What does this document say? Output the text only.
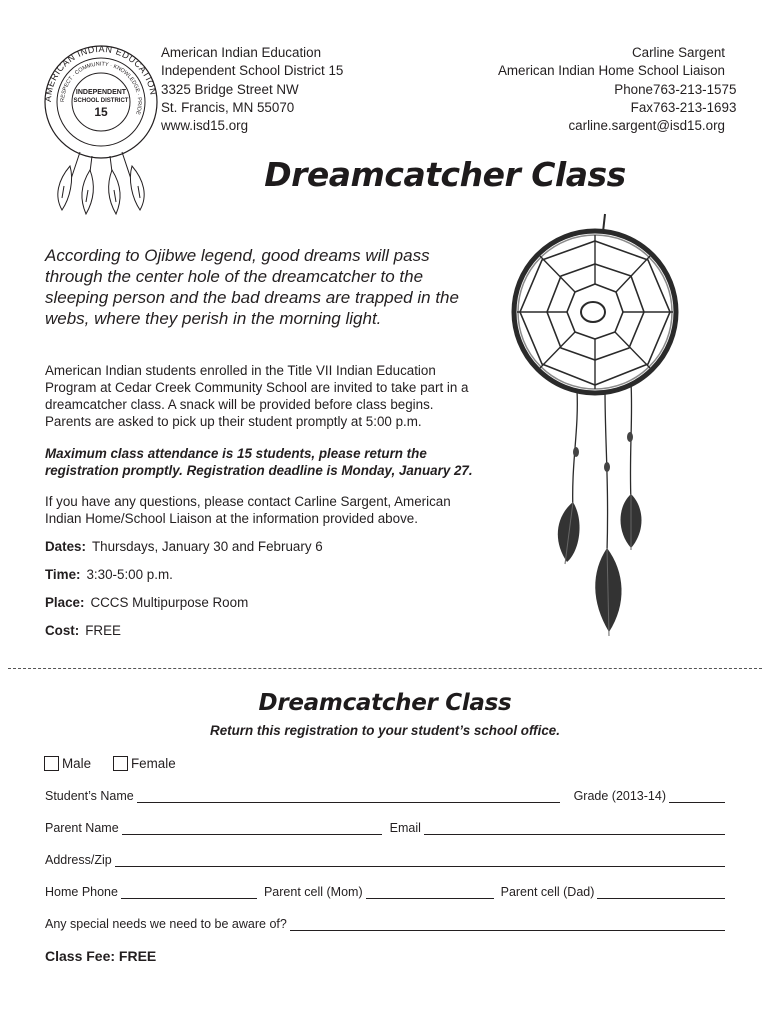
AMERICAN INDIAN EDUCATION
RESPECT · COMMUNITY · KNOWLEDGE · PRIDE
INDEPENDENT
SCHOOL DISTRICT
15
American Indian Education
Independent School District 15
3325 Bridge Street NW
St. Francis, MN 55070
www.isd15.org
Carline Sargent
American Indian Home School Liaison
Phone763-213-1575
Fax763-213-1693
carline.sargent@isd15.org
Dreamcatcher Class
According to Ojibwe legend, good dreams will pass through the center hole of the dreamcatcher to the sleeping person and the bad dreams are trapped in the webs, where they perish in the morning light.
American Indian students enrolled in the Title VII Indian Education Program at Cedar Creek Community School are invited to take part in a dreamcatcher class. A snack will be provided before class begins. Parents are asked to pick up their student promptly at 5:00 p.m.
Maximum class attendance is 15 students, please return the registration promptly. Registration deadline is Monday, January 27.
If you have any questions, please contact Carline Sargent, American Indian Home/School Liaison at the information provided above.
Dates: Thursdays, January 30 and February 6
Time: 3:30-5:00 p.m.
Place: CCCS Multipurpose Room
Cost: FREE
Dreamcatcher Class
Return this registration to your student’s school office.
Male	Female
Student’s Name	Grade (2013-14)
Parent Name	Email
Address/Zip
Home Phone	Parent cell (Mom)	Parent cell (Dad)
Any special needs we need to be aware of?
Class Fee: FREE
